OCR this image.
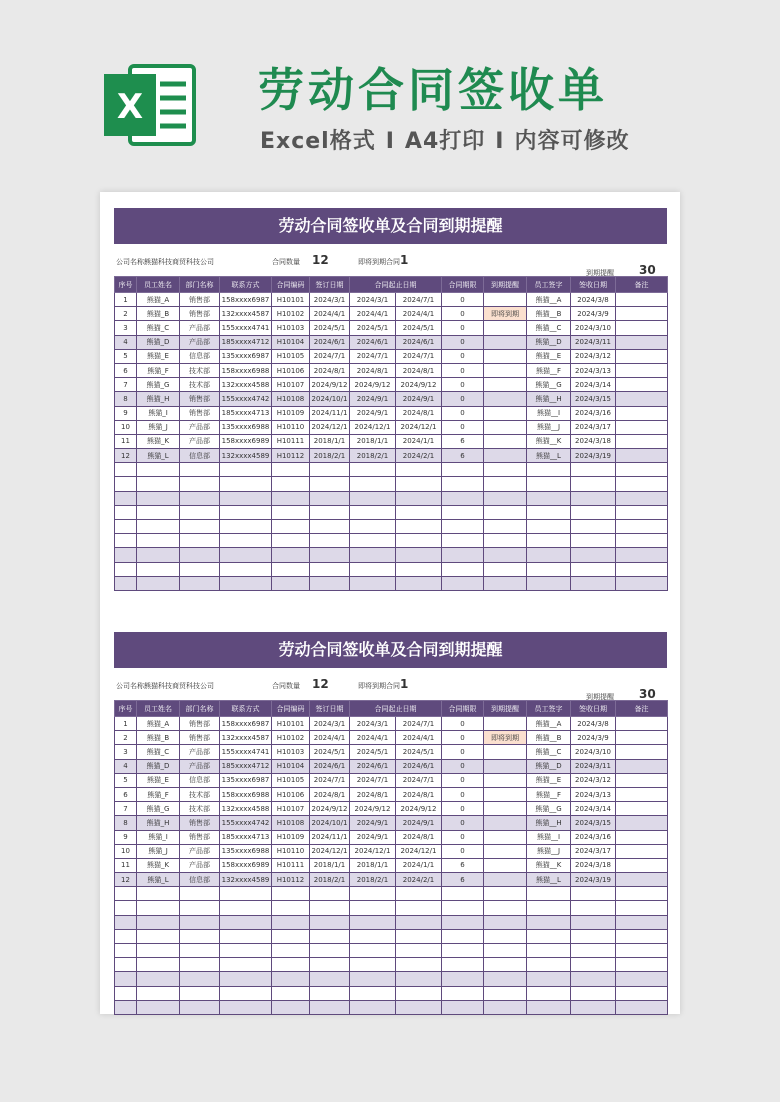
X 劳动合同签收单
Excel格式 I A4打印 I 内容可修改
劳动合同签收单及合同到期提醒
公司名称:
熊猫科技商贸科技公司	合同数量 12	即将到期合同 1
到期提醒 30
序号	员工姓名	部门名称	联系方式	合同编码	签订日期	合同起止日期		合同期限	到期提醒	员工签字	签收日期	备注
1	熊猫_A	销售部	158xxxx6987	H10101	2024/3/1	2024/3/1	2024/7/1	0		熊猫__A	2024/3/8	
2	熊猫_B	销售部	132xxxx4587	H10102	2024/4/1	2024/4/1	2024/4/1	0	即将到期	熊猫__B	2024/3/9	
3	熊猫_C	产品部	155xxxx4741	H10103	2024/5/1	2024/5/1	2024/5/1	0		熊猫__C	2024/3/10	
4	熊猫_D	产品部	185xxxx4712	H10104	2024/6/1	2024/6/1	2024/6/1	0		熊猫__D	2024/3/11	
5	熊猫_E	信息部	135xxxx6987	H10105	2024/7/1	2024/7/1	2024/7/1	0		熊猫__E	2024/3/12	
6	熊猫_F	技术部	158xxxx6988	H10106	2024/8/1	2024/8/1	2024/8/1	0		熊猫__F	2024/3/13	
7	熊猫_G	技术部	132xxxx4588	H10107	2024/9/12	2024/9/12	2024/9/12	0		熊猫__G	2024/3/14	
8	熊猫_H	销售部	155xxxx4742	H10108	2024/10/1	2024/9/1	2024/9/1	0		熊猫__H	2024/3/15	
9	熊猫_I	销售部	185xxxx4713	H10109	2024/11/1	2024/9/1	2024/8/1	0		熊猫__I	2024/3/16	
10	熊猫_J	产品部	135xxxx6988	H10110	2024/12/1	2024/12/1	2024/12/1	0		熊猫__J	2024/3/17	
11	熊猫_K	产品部	158xxxx6989	H10111	2018/1/1	2018/1/1	2024/1/1	6		熊猫__K	2024/3/18	
12	熊猫_L	信息部	132xxxx4589	H10112	2018/2/1	2018/2/1	2024/2/1	6		熊猫__L	2024/3/19	

劳动合同签收单及合同到期提醒
公司名称:
熊猫科技商贸科技公司	合同数量 12	即将到期合同 1
到期提醒 30
序号	员工姓名	部门名称	联系方式	合同编码	签订日期	合同起止日期		合同期限	到期提醒	员工签字	签收日期	备注
1	熊猫_A	销售部	158xxxx6987	H10101	2024/3/1	2024/3/1	2024/7/1	0		熊猫__A	2024/3/8	
2	熊猫_B	销售部	132xxxx4587	H10102	2024/4/1	2024/4/1	2024/4/1	0	即将到期	熊猫__B	2024/3/9	
3	熊猫_C	产品部	155xxxx4741	H10103	2024/5/1	2024/5/1	2024/5/1	0		熊猫__C	2024/3/10	
4	熊猫_D	产品部	185xxxx4712	H10104	2024/6/1	2024/6/1	2024/6/1	0		熊猫__D	2024/3/11	
5	熊猫_E	信息部	135xxxx6987	H10105	2024/7/1	2024/7/1	2024/7/1	0		熊猫__E	2024/3/12	
6	熊猫_F	技术部	158xxxx6988	H10106	2024/8/1	2024/8/1	2024/8/1	0		熊猫__F	2024/3/13	
7	熊猫_G	技术部	132xxxx4588	H10107	2024/9/12	2024/9/12	2024/9/12	0		熊猫__G	2024/3/14	
8	熊猫_H	销售部	155xxxx4742	H10108	2024/10/1	2024/9/1	2024/9/1	0		熊猫__H	2024/3/15	
9	熊猫_I	销售部	185xxxx4713	H10109	2024/11/1	2024/9/1	2024/8/1	0		熊猫__I	2024/3/16	
10	熊猫_J	产品部	135xxxx6988	H10110	2024/12/1	2024/12/1	2024/12/1	0		熊猫__J	2024/3/17	
11	熊猫_K	产品部	158xxxx6989	H10111	2018/1/1	2018/1/1	2024/1/1	6		熊猫__K	2024/3/18	
12	熊猫_L	信息部	132xxxx4589	H10112	2018/2/1	2018/2/1	2024/2/1	6		熊猫__L	2024/3/19	
